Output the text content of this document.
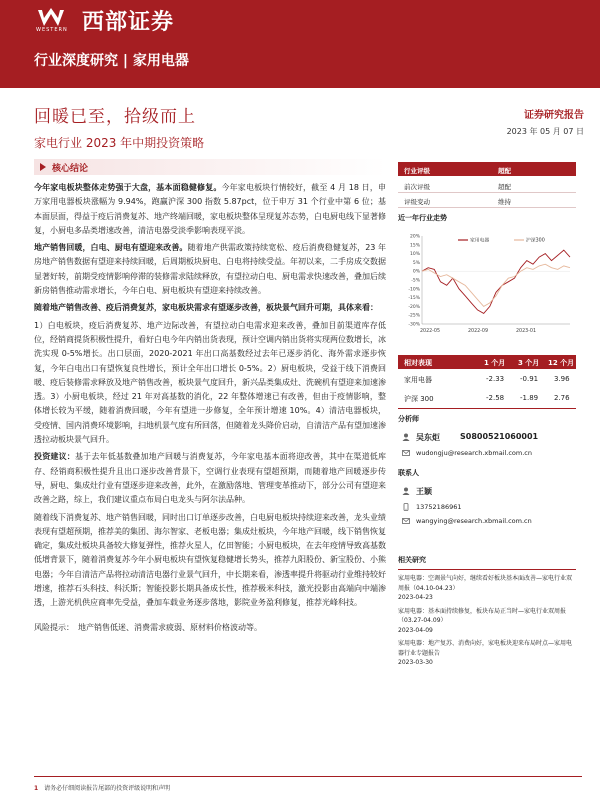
WESTERN 西部证券
行业深度研究 | 家用电器
回暖已至，拾级而上
家电行业 2023 年中期投资策略
证券研究报告
2023 年 05 月 07 日
核心结论

今年家电板块整体走势强于大盘，基本面稳健修复。今年家电板块行情较好，截至 4 月 18 日，申万家用电器板块涨幅为 9.94%，跑赢沪深 300 指数 5.87pct，位于申万 31 个行业中第 6 位；基本面层面，得益于疫后消费复苏、地产终端回暖，家电板块整体呈现复苏态势，白电厨电线下显著修复，小厨电多品类增速改善，清洁电器受淡季影响表现平淡。

地产销售回暖，白电、厨电有望迎来改善。随着地产供需政策持续宽松、疫后消费稳健复苏，23 年房地产销售数据有望迎来持续回暖，后周期板块厨电、白电将持续受益。年初以来，二手房成交数据显著好转，前期受疫情影响停滞的装修需求陆续释放，有望拉动白电、厨电需求快速改善，叠加后续新房销售推动需求增长，今年白电、厨电板块有望迎来持续改善。

随着地产销售改善、疫后消费复苏，家电板块需求有望逐步改善，板块景气回升可期，具体来看：

1）白电板块，疫后消费复苏、地产边际改善，有望拉动白电需求迎来改善，叠加目前渠道库存低位，经销商提货积极性提升，看好白电今年内销出货表现，预计空调内销出货将实现两位数增长，冰洗实现 0-5%增长。出口层面，2020-2021 年出口高基数经过去年已逐步消化、海外需求逐步恢复，今年白电出口有望恢复良性增长，预计全年出口增长 0-5%。2）厨电板块，受益于线下消费回暖、疫后装修需求释放及地产销售改善，板块景气度回升，新兴品类集成灶、洗碗机有望迎来加速渗透。3）小厨电板块，经过 21 年对高基数的消化，22 年整体增速已有改善，但由于疫情影响，整体增长较为平缓，随着消费回暖，今年有望进一步修复，全年预计增速 10%。4）清洁电器板块，受疫情、国内消费环境影响，扫地机景气度有所回落，但随着龙头降价启动，自清洁产品有望加速渗透拉动板块景气回升。

投资建议：基于去年低基数叠加地产回暖与消费复苏，今年家电基本面将迎改善，其中在渠道低库存、经销商积极性提升且出口逐步改善背景下，空调行业表现有望超预期，而随着地产回暖逐步传导，厨电、集成灶行业有望逐步迎来改善，此外，在激励落地、管理变革推动下，部分公司有望迎来改善之路，综上，我们建议重点布局白电龙头与阿尔法品种。

随着线下消费复苏、地产销售回暖，同时出口订单逐步改善，白电厨电板块持续迎来改善，龙头业绩表现有望超预期，推荐美的集团、海尔智家、老板电器；集成灶板块，今年地产回暖，线下销售恢复确定，集成灶板块具备较大修复弹性，推荐火星人，亿田智能；小厨电板块，在去年疫情导致高基数低增背景下，随着消费复苏今年小厨电板块有望恢复稳健增长势头，推荐九阳股份、新宝股份、小熊电器；今年自清洁产品将拉动清洁电器行业景气回升，中长期来看，渗透率提升将驱动行业维持较好增速，推荐石头科技、科沃斯；智能投影长期具备成长性，推荐极米科技，激光投影由高端向中端渗透，上游光机供应商率先受益，叠加车载业务逐步落地，影院业务盈利修复，推荐光峰科技。

风险提示：　地产销售低迷、消费需求疲弱、原材料价格波动等。
行业评级	超配
前次评级	超配
评级变动	维持
近一年行业走势
20%
15%
10%
5%
0%
-5%
-10%
-15%
-20%
-25%
-30%
2022-05	2022-09	2023-01
家用电器	沪深300
相对表现	1 个月 3 个月 12 个月
家用电器	-2.33 -0.91 3.96
沪深 300	-2.58 -1.89 2.76
分析师
吴东炬	S0800521060001
wudongju@research.xbmail.com.cn
联系人
王颖
13752186961
wangying@research.xbmail.com.cn
相关研究
家用电器：空调景气向好，继续看好板块基本面改善—家电行业双周报（04.10-04.23）
2023-04-23
家用电器：基本面持续修复，板块布局正当时—家电行业双周报（03.27-04.09）
2023-04-09
家用电器：地产复苏、消费向好，家电板块迎来布局时点—家用电器行业专题报告
2023-03-30
1 请务必仔细阅读报告尾部的投资评级说明和声明
